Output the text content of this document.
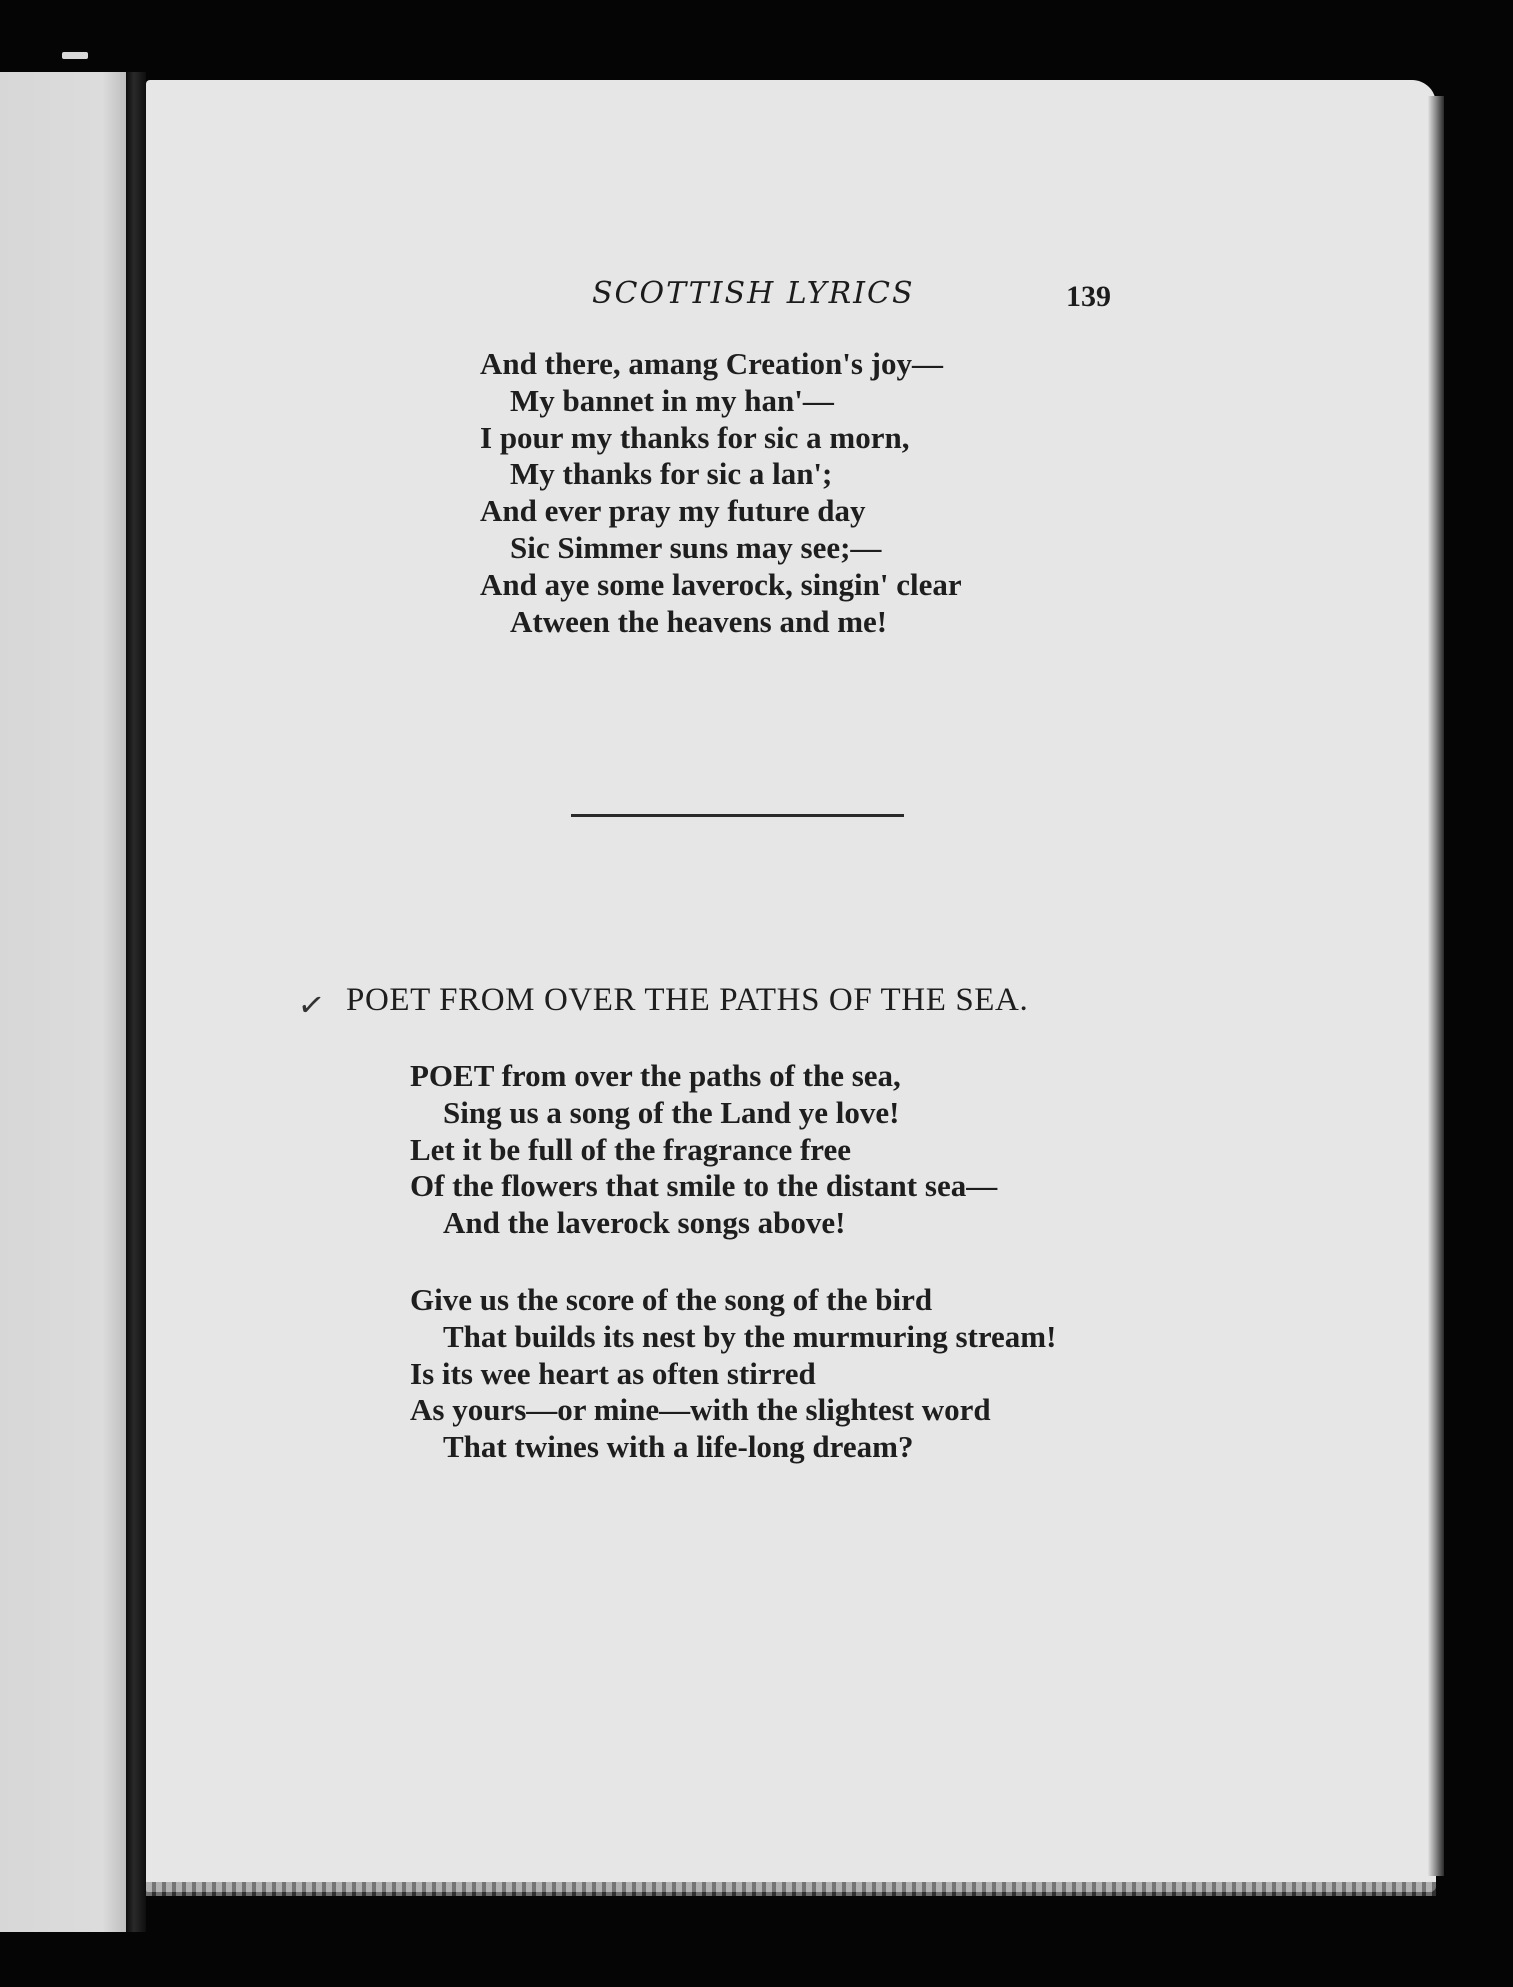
SCOTTISH LYRICS	139
And there, amang Creation's joy—
My bannet in my han'—
I pour my thanks for sic a morn,
My thanks for sic a lan';
And ever pray my future day
Sic Simmer suns may see;—
And aye some laverock, singin' clear
Atween the heavens and me!
✓ POET FROM OVER THE PATHS OF THE SEA.
POET from over the paths of the sea,
Sing us a song of the Land ye love!
Let it be full of the fragrance free
Of the flowers that smile to the distant sea—
And the laverock songs above!
Give us the score of the song of the bird
That builds its nest by the murmuring stream!
Is its wee heart as often stirred
As yours—or mine—with the slightest word
That twines with a life-long dream?
